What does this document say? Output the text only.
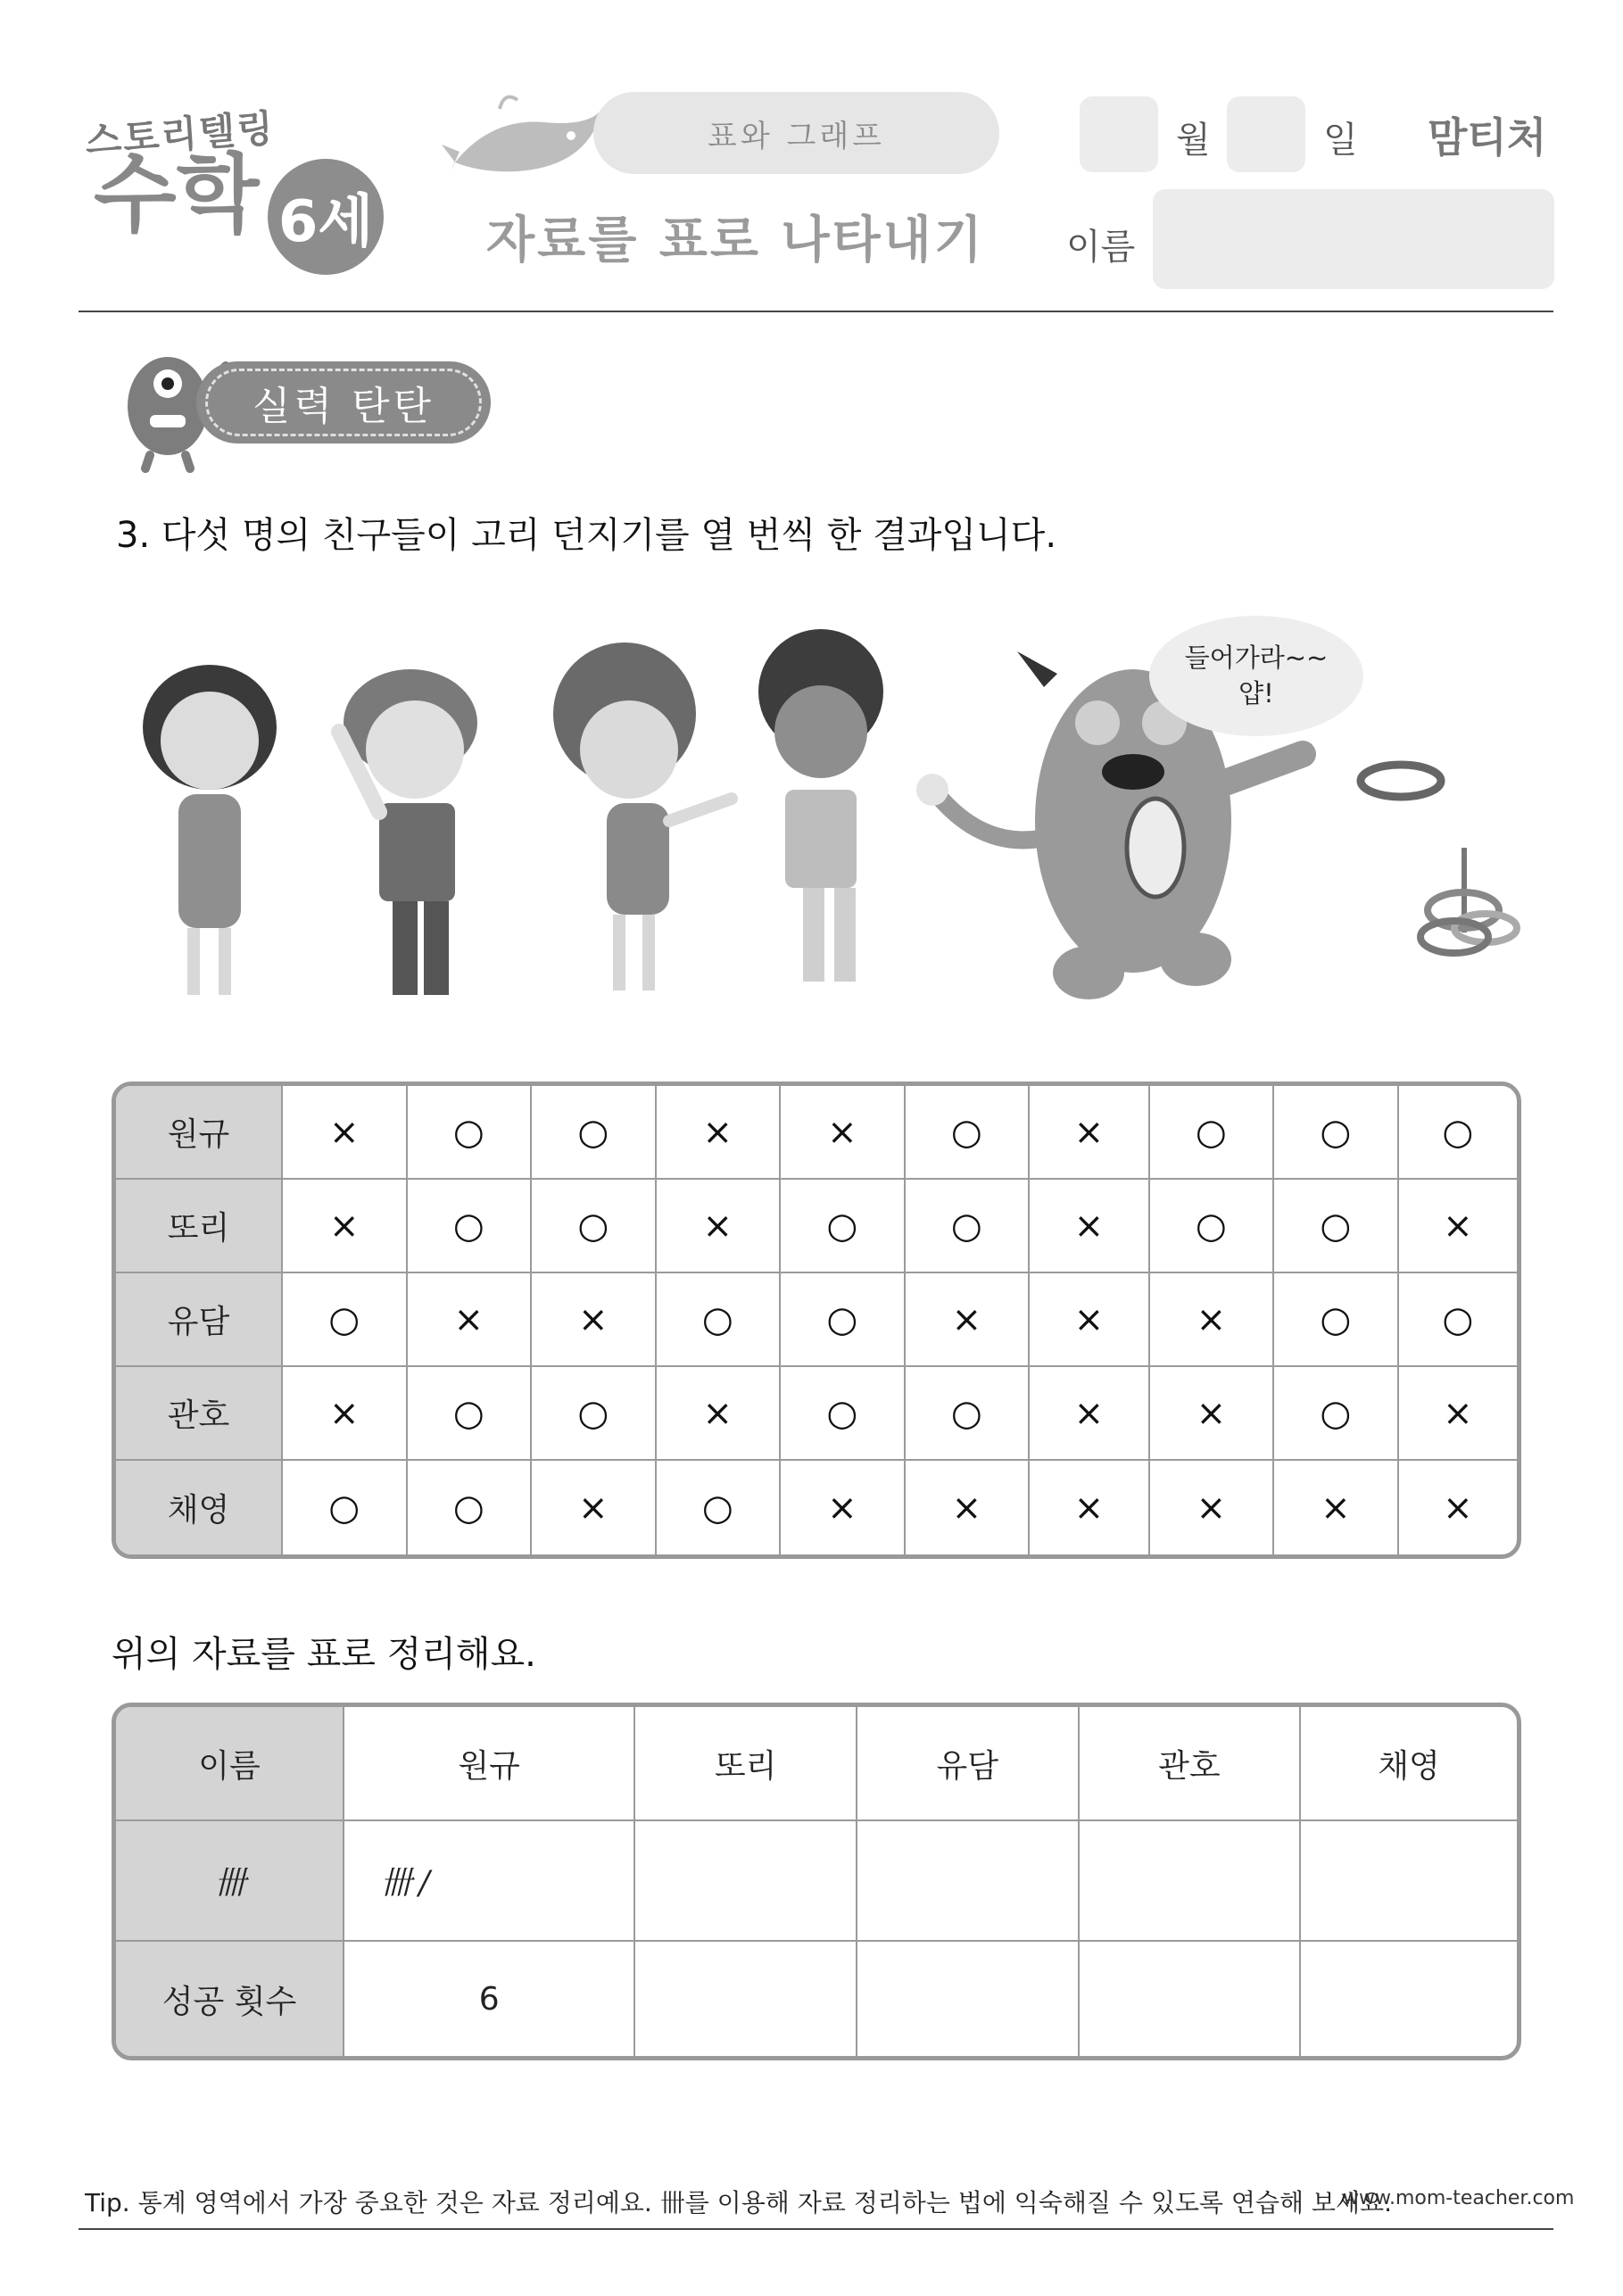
스토리텔링
수학 6세
표와 그래프
자료를 표로 나타내기
월	일 맘티처
이름
실력 탄탄
3. 다섯 명의 친구들이 고리 던지기를 열 번씩 한 결과입니다.
들어가라~~
얍!
원규	×	○	○	×	×	○	×	○	○	○
또리	×	○	○	×	○	○	×	○	○	×
유담	○	×	×	○	○	×	×	×	○	○
관호	×	○	○	×	○	○	×	×	○	×
채영	○	○	×	○	×	×	×	×	×	×
위의 자료를 표로 정리해요.
이름	원규	또리	유담	관호	채영
卌	卌 /				
성공 횟수	6				
Tip. 통계 영역에서 가장 중요한 것은 자료 정리예요. 卌를 이용해 자료 정리하는 법에 익숙해질 수 있도록 연습해 보세요.
www.mom-teacher.com
